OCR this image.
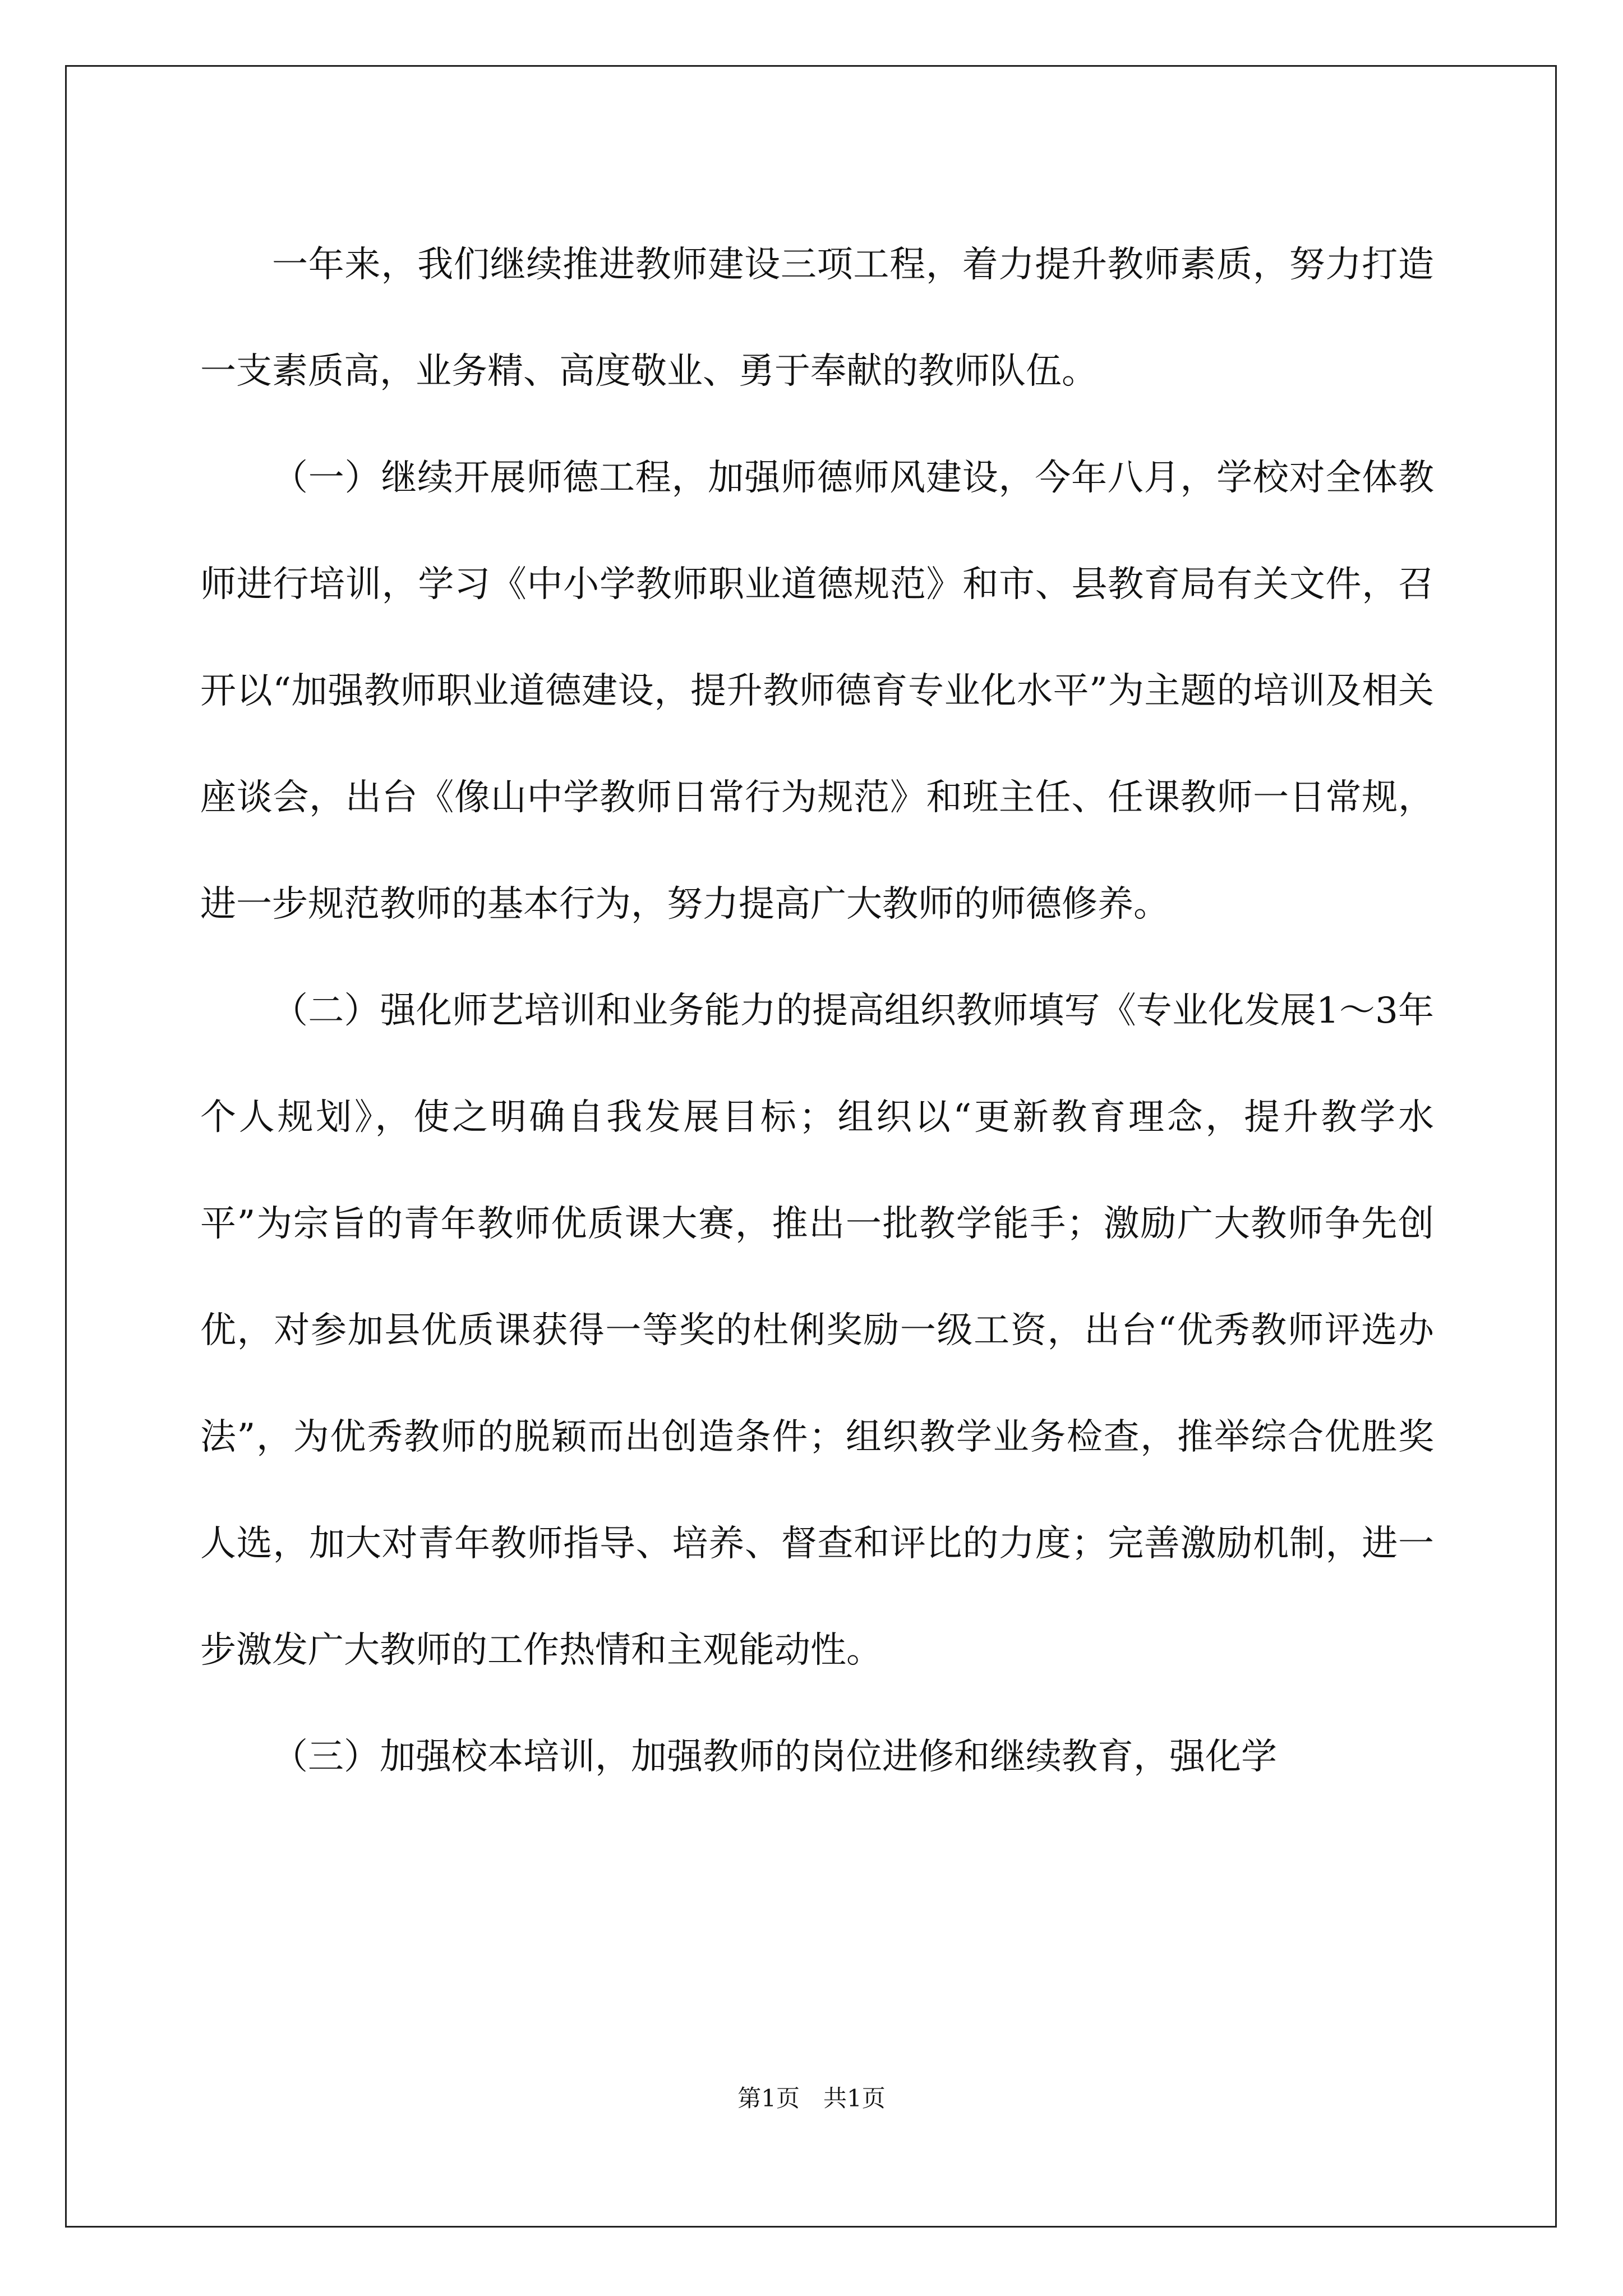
一年来，我们继续推进教师建设三项工程，着力提升教师素质，努力打造一支素质高，业务精、高度敬业、勇于奉献的教师队伍。

（一）继续开展师德工程，加强师德师风建设，今年八月，学校对全体教师进行培训，学习《中小学教师职业道德规范》和市、县教育局有关文件，召开以“加强教师职业道德建设，提升教师德育专业化水平”为主题的培训及相关座谈会，出台《像山中学教师日常行为规范》和班主任、任课教师一日常规，进一步规范教师的基本行为，努力提高广大教师的师德修养。

（二）强化师艺培训和业务能力的提高组织教师填写《专业化发展1～3年个人规划》，使之明确自我发展目标；组织以“更新教育理念，提升教学水平”为宗旨的青年教师优质课大赛，推出一批教学能手；激励广大教师争先创优，对参加县优质课获得一等奖的杜俐奖励一级工资，出台“优秀教师评选办法”，为优秀教师的脱颖而出创造条件；组织教学业务检查，推举综合优胜奖人选，加大对青年教师指导、培养、督查和评比的力度；完善激励机制，进一步激发广大教师的工作热情和主观能动性。

（三）加强校本培训，加强教师的岗位进修和继续教育，强化学

第1页　共1页
